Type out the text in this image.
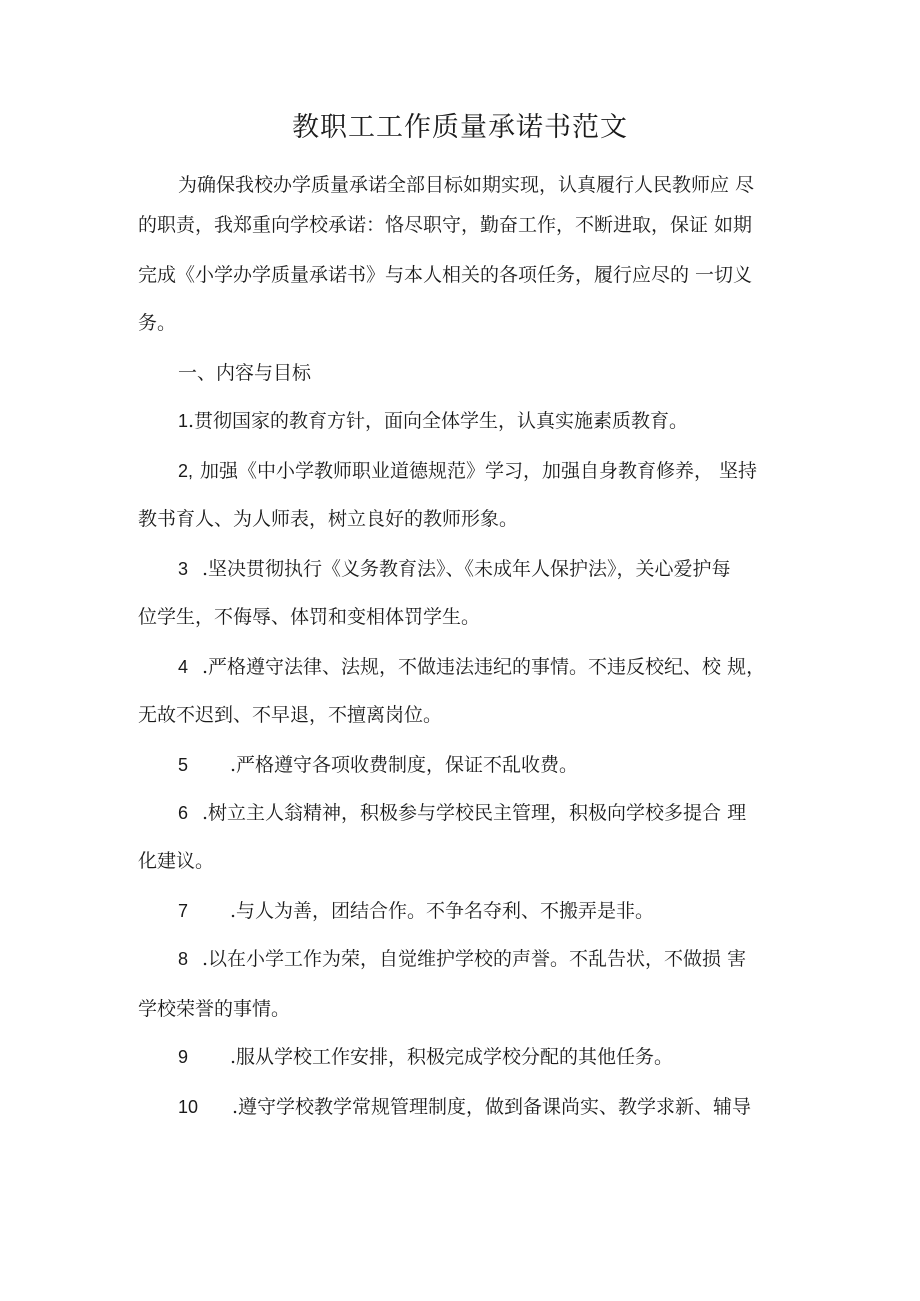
教职工工作质量承诺书范文

为确保我校办学质量承诺全部目标如期实现，认真履行人民教师应 尽

的职责，我郑重向学校承诺：恪尽职守，勤奋工作，不断进取，保证 如期

完成《小学办学质量承诺书》与本人相关的各项任务，履行应尽的 一切义

务。

一、内容与目标

1.贯彻国家的教育方针，面向全体学生，认真实施素质教育。

2, 加强《中小学教师职业道德规范》学习，加强自身教育修养， 坚持

教书育人、为人师表，树立良好的教师形象。

3 .坚决贯彻执行《义务教育法》、《未成年人保护法》，关心爱护每

位学生，不侮辱、体罚和变相体罚学生。

4 .严格遵守法律、法规，不做违法违纪的事情。不违反校纪、校 规，

无故不迟到、不早退，不擅离岗位。

5 .严格遵守各项收费制度，保证不乱收费。

6 .树立主人翁精神，积极参与学校民主管理，积极向学校多提合 理

化建议。

7 .与人为善，团结合作。不争名夺利、不搬弄是非。

8 .以在小学工作为荣，自觉维护学校的声誉。不乱告状，不做损 害

学校荣誉的事情。

9 .服从学校工作安排，积极完成学校分配的其他任务。

10 .遵守学校教学常规管理制度，做到备课尚实、教学求新、辅导
